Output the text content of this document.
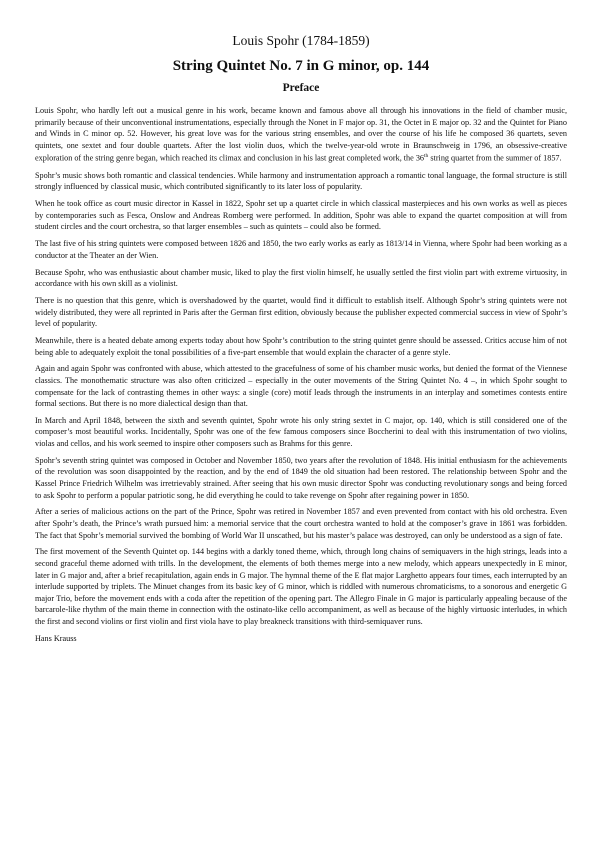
Louis Spohr (1784-1859)
String Quintet No. 7 in G minor, op. 144
Preface

Louis Spohr, who hardly left out a musical genre in his work, became known and famous above all through his innovations in the field of chamber music, primarily because of their unconventional instrumentations, especially through the Nonet in F major op. 31, the Octet in E major op. 32 and the Quintet for Piano and Winds in C minor op. 52. However, his great love was for the various string ensembles, and over the course of his life he composed 36 quartets, seven quintets, one sextet and four double quartets. After the lost violin duos, which the twelve-year-old wrote in Braunschweig in 1796, an obsessive-creative exploration of the string genre began, which reached its climax and conclusion in his last great completed work, the 36th string quartet from the summer of 1857.

Spohr’s music shows both romantic and classical tendencies. While harmony and instrumentation approach a romantic tonal language, the formal structure is still strongly influenced by classical music, which contributed significantly to its later loss of popularity.

When he took office as court music director in Kassel in 1822, Spohr set up a quartet circle in which classical masterpieces and his own works as well as pieces by contemporaries such as Fesca, Onslow and Andreas Romberg were performed. In addition, Spohr was able to expand the quartet composition at will from student circles and the court orchestra, so that larger ensembles – such as quintets – could also be formed.

The last five of his string quintets were composed between 1826 and 1850, the two early works as early as 1813/14 in Vienna, where Spohr had been working as a conductor at the Theater an der Wien.

Because Spohr, who was enthusiastic about chamber music, liked to play the first violin himself, he usually settled the first violin part with extreme virtuosity, in accordance with his own skill as a violinist.

There is no question that this genre, which is overshadowed by the quartet, would find it difficult to establish itself. Although Spohr’s string quintets were not widely distributed, they were all reprinted in Paris after the German first edition, obviously because the publisher expected commercial success in view of Spohr’s level of popularity.

Meanwhile, there is a heated debate among experts today about how Spohr’s contribution to the string quintet genre should be assessed. Critics accuse him of not being able to adequately exploit the tonal possibilities of a five-part ensemble that would explain the character of a genre style.

Again and again Spohr was confronted with abuse, which attested to the gracefulness of some of his chamber music works, but denied the format of the Viennese classics. The monothematic structure was also often criticized – especially in the outer movements of the String Quintet No. 4 –, in which Spohr sought to compensate for the lack of contrasting themes in other ways: a single (core) motif leads through the instruments in an interplay and sometimes contests entire formal sections. But there is no more dialectical design than that.

In March and April 1848, between the sixth and seventh quintet, Spohr wrote his only string sextet in C major, op. 140, which is still considered one of the composer’s most beautiful works. Incidentally, Spohr was one of the few famous composers since Boccherini to deal with this instrumentation of two violins, violas and cellos, and his work seemed to inspire other composers such as Brahms for this genre.

Spohr’s seventh string quintet was composed in October and November 1850, two years after the revolution of 1848. His initial enthusiasm for the achievements of the revolution was soon disappointed by the reaction, and by the end of 1849 the old situation had been restored. The relationship between Spohr and the Kassel Prince Friedrich Wilhelm was irretrievably strained. After seeing that his own music director Spohr was conducting revolutionary songs and being forced to ask Spohr to perform a popular patriotic song, he did everything he could to take revenge on Spohr after regaining power in 1850.

After a series of malicious actions on the part of the Prince, Spohr was retired in November 1857 and even prevented from contact with his old orchestra. Even after Spohr’s death, the Prince’s wrath pursued him: a memorial service that the court orchestra wanted to hold at the composer’s grave in 1861 was forbidden. The fact that Spohr’s memorial survived the bombing of World War II unscathed, but his master’s palace was destroyed, can only be understood as a sign of fate.

The first movement of the Seventh Quintet op. 144 begins with a darkly toned theme, which, through long chains of semiquavers in the high strings, leads into a second graceful theme adorned with trills. In the development, the elements of both themes merge into a new melody, which appears unexpectedly in E minor, later in G major and, after a brief recapitulation, again ends in G major. The hymnal theme of the E flat major Larghetto appears four times, each interrupted by an interlude supported by triplets. The Minuet changes from its basic key of G minor, which is riddled with numerous chromaticisms, to a sonorous and energetic G major Trio, before the movement ends with a coda after the repetition of the opening part. The Allegro Finale in G major is particularly appealing because of the barcarole-like rhythm of the main theme in connection with the ostinato-like cello accompaniment, as well as because of the highly virtuosic interludes, in which the first and second violins or first violin and first viola have to play breakneck transitions with third-semiquaver runs.

Hans Krauss
